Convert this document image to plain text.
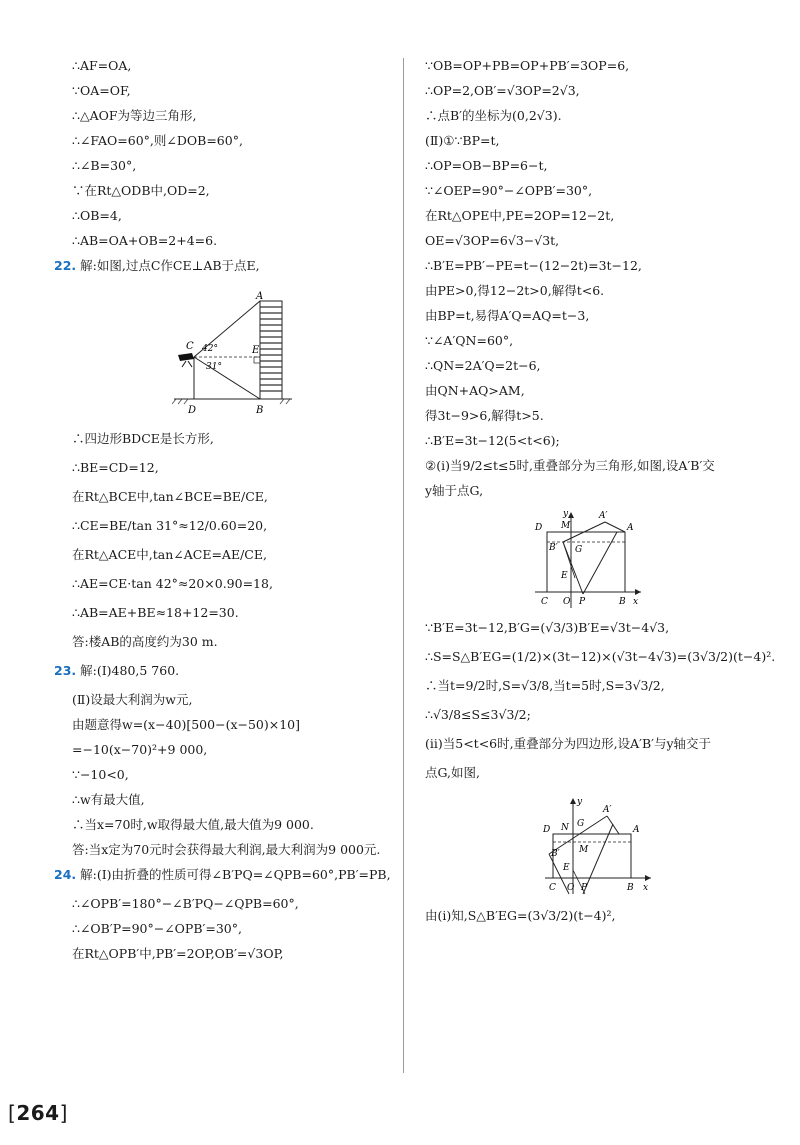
∴AF=OA,
∵OA=OF,
∴△AOF为等边三角形,
∴∠FAO=60°,则∠DOB=60°,
∴∠B=30°,
∵在Rt△ODB中,OD=2,
∴OB=4,
∴AB=OA+OB=2+4=6.
22. 解:如图,过点C作CE⊥AB于点E,
A
C	E
D	B
42°
31°
∴四边形BDCE是长方形,
∴BE=CD=12,
在Rt△BCE中,tan∠BCE=BE/CE,
∴CE=BE/tan 31°≈12/0.60=20,
在Rt△ACE中,tan∠ACE=AE/CE,
∴AE=CE·tan 42°≈20×0.90=18,
∴AB=AE+BE≈18+12=30.
答:楼AB的高度约为30 m.
23. 解:(Ⅰ)480,5 760.
(Ⅱ)设最大利润为w元,
由题意得w=(x−40)[500−(x−50)×10]
=−10(x−70)²+9 000,
∵−10<0,
∴w有最大值,
∴当x=70时,w取得最大值,最大值为9 000.
答:当x定为70元时会获得最大利润,最大利润为9 000元.
24. 解:(Ⅰ)由折叠的性质可得∠B′PQ=∠QPB=60°,PB′=PB,
∴∠OPB′=180°−∠B′PQ−∠QPB=60°,
∴∠OB′P=90°−∠OPB′=30°,
在Rt△OPB′中,PB′=2OP,OB′=√3OP,
∵OB=OP+PB=OP+PB′=3OP=6,
∴OP=2,OB′=√3OP=2√3,
∴点B′的坐标为(0,2√3).
(Ⅱ)①∵BP=t,
∴OP=OB−BP=6−t,
∵∠OEP=90°−∠OPB′=30°,
在Rt△OPE中,PE=2OP=12−2t,
OE=√3OP=6√3−√3t,
∴B′E=PB′−PE=t−(12−2t)=3t−12,
由PE>0,得12−2t>0,解得t<6.
由BP=t,易得A′Q=AQ=t−3,
∵∠A′QN=60°,
∴QN=2A′Q=2t−6,
由QN+AQ>AM,
得3t−9>6,解得t>5.
∴B′E=3t−12(5<t<6);
②(ⅰ)当9/2≤t≤5时,重叠部分为三角形,如图,设A′B′交
y轴于点G,
D M
A′
A
B′ G
E
C O P	B x
y
∵B′E=3t−12,B′G=(√3/3)B′E=√3t−4√3,
∴S=S△B′EG=(1/2)×(3t−12)×(√3t−4√3)=(3√3/2)(t−4)².
∴当t=9/2时,S=√3/8,当t=5时,S=3√3/2,
∴√3/8≤S≤3√3/2;
(ⅱ)当5<t<6时,重叠部分为四边形,设A′B′与y轴交于
点G,如图,
D N G
A′
A
B′ M
E
C O P	B x
y
由(ⅰ)知,S△B′EG=(3√3/2)(t−4)²,
[264]
